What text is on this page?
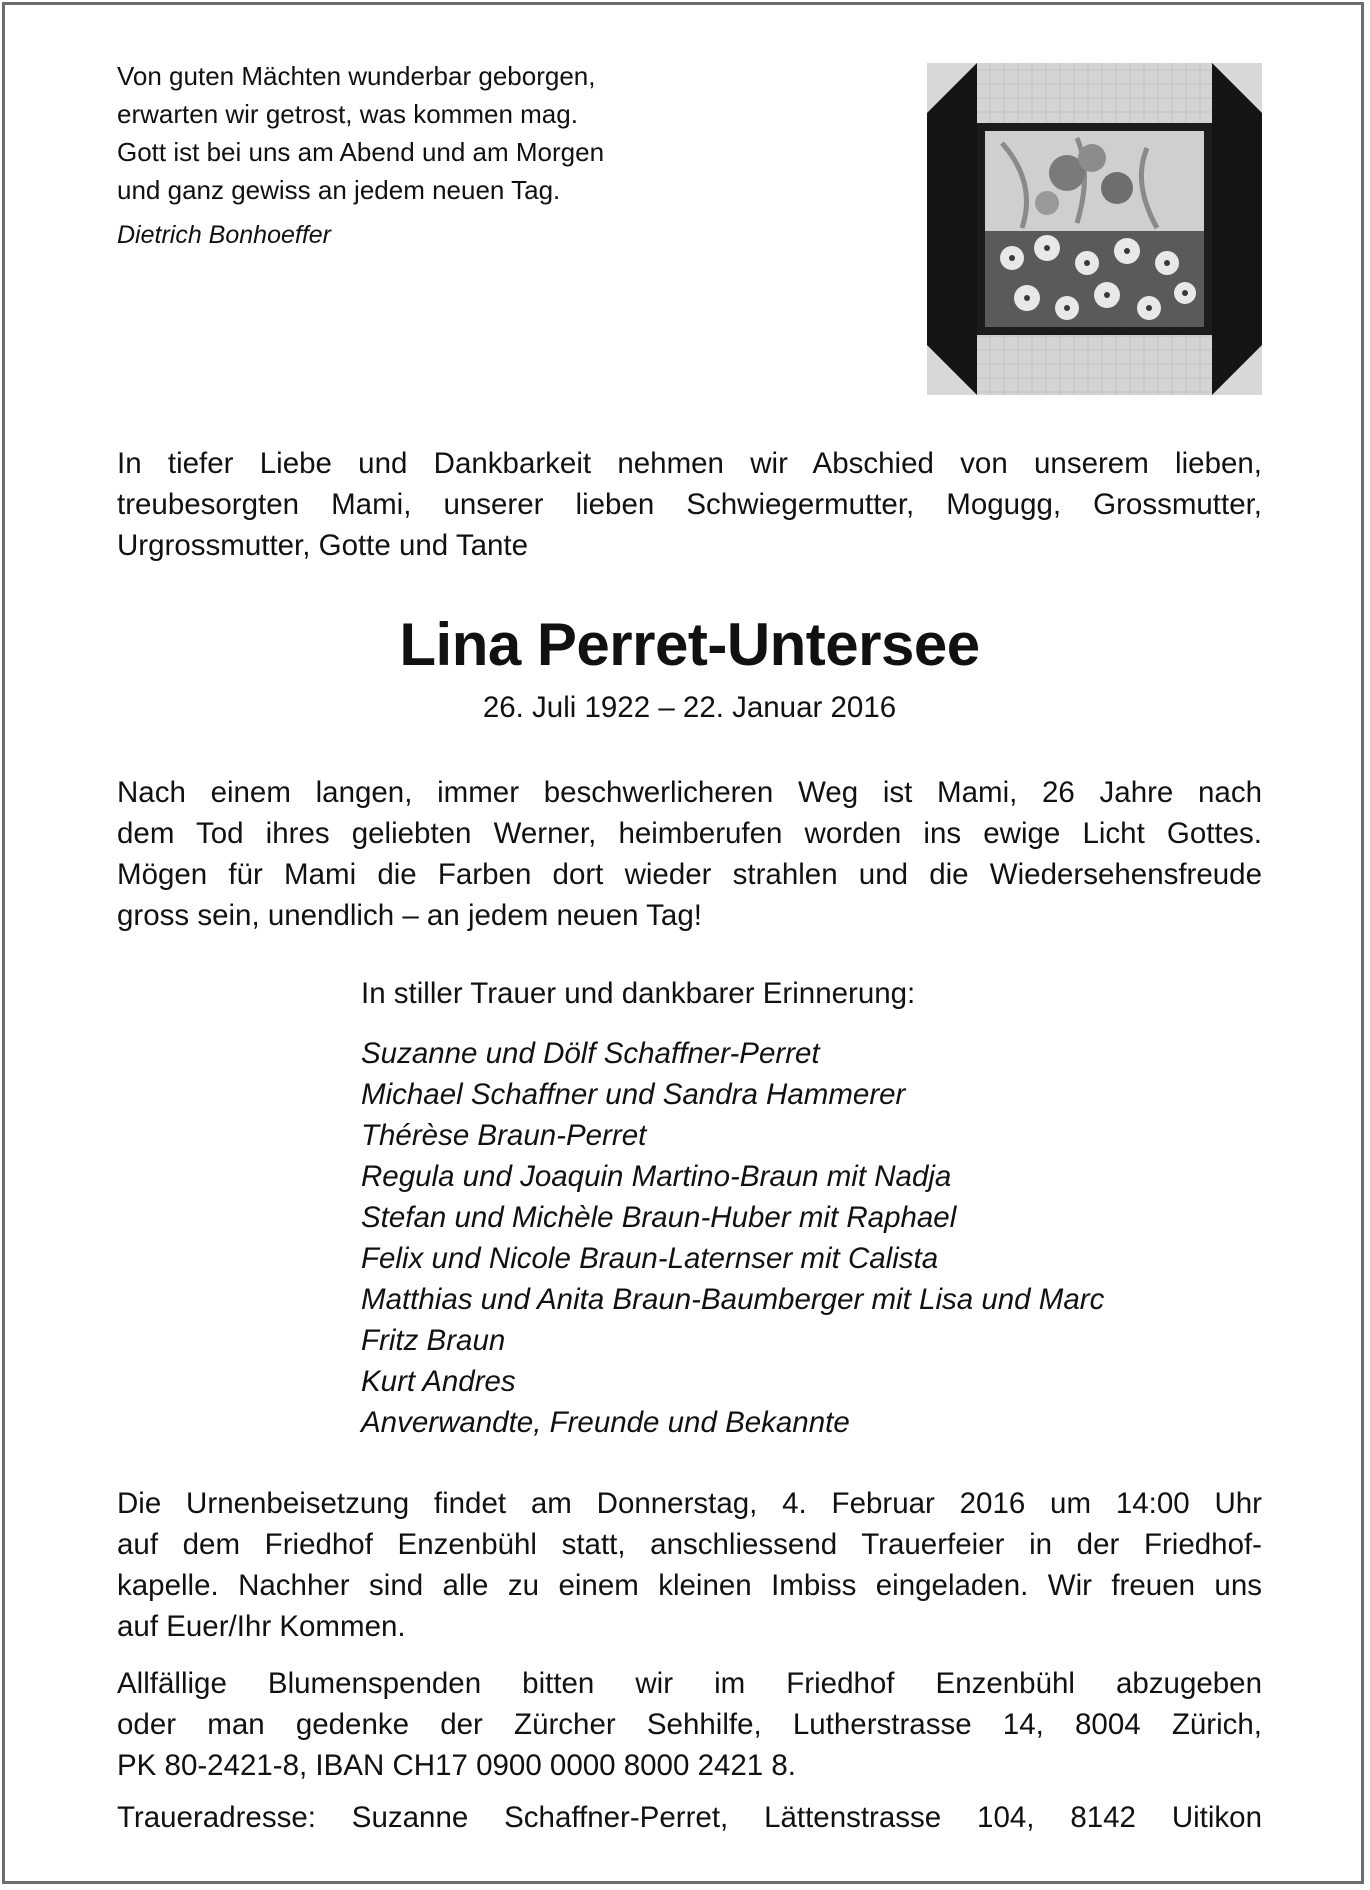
Von guten Mächten wunderbar geborgen,
erwarten wir getrost, was kommen mag.
Gott ist bei uns am Abend und am Morgen
und ganz gewiss an jedem neuen Tag.
Dietrich Bonhoeffer
In tiefer Liebe und Dankbarkeit nehmen wir Abschied von unserem lieben,
treubesorgten Mami, unserer lieben Schwiegermutter, Mogugg, Grossmutter,
Urgrossmutter, Gotte und Tante
Lina Perret-Untersee
26. Juli 1922 – 22. Januar 2016
Nach einem langen, immer beschwerlicheren Weg ist Mami, 26 Jahre nach
dem Tod ihres geliebten Werner, heimberufen worden ins ewige Licht Gottes.
Mögen für Mami die Farben dort wieder strahlen und die Wiedersehensfreude
gross sein, unendlich – an jedem neuen Tag!
In stiller Trauer und dankbarer Erinnerung:
Suzanne und Dölf Schaffner-Perret
Michael Schaffner und Sandra Hammerer
Thérèse Braun-Perret
Regula und Joaquin Martino-Braun mit Nadja
Stefan und Michèle Braun-Huber mit Raphael
Felix und Nicole Braun-Laternser mit Calista
Matthias und Anita Braun-Baumberger mit Lisa und Marc
Fritz Braun
Kurt Andres
Anverwandte, Freunde und Bekannte
Die Urnenbeisetzung findet am Donnerstag, 4. Februar 2016 um 14:00 Uhr
auf dem Friedhof Enzenbühl statt, anschliessend Trauerfeier in der Friedhof-
kapelle. Nachher sind alle zu einem kleinen Imbiss eingeladen. Wir freuen uns
auf Euer/Ihr Kommen.
Allfällige Blumenspenden bitten wir im Friedhof Enzenbühl abzugeben
oder man gedenke der Zürcher Sehhilfe, Lutherstrasse 14, 8004 Zürich,
PK 80-2421-8, IBAN CH17 0900 0000 8000 2421 8.
Traueradresse: Suzanne Schaffner-Perret, Lättenstrasse 104, 8142 Uitikon
